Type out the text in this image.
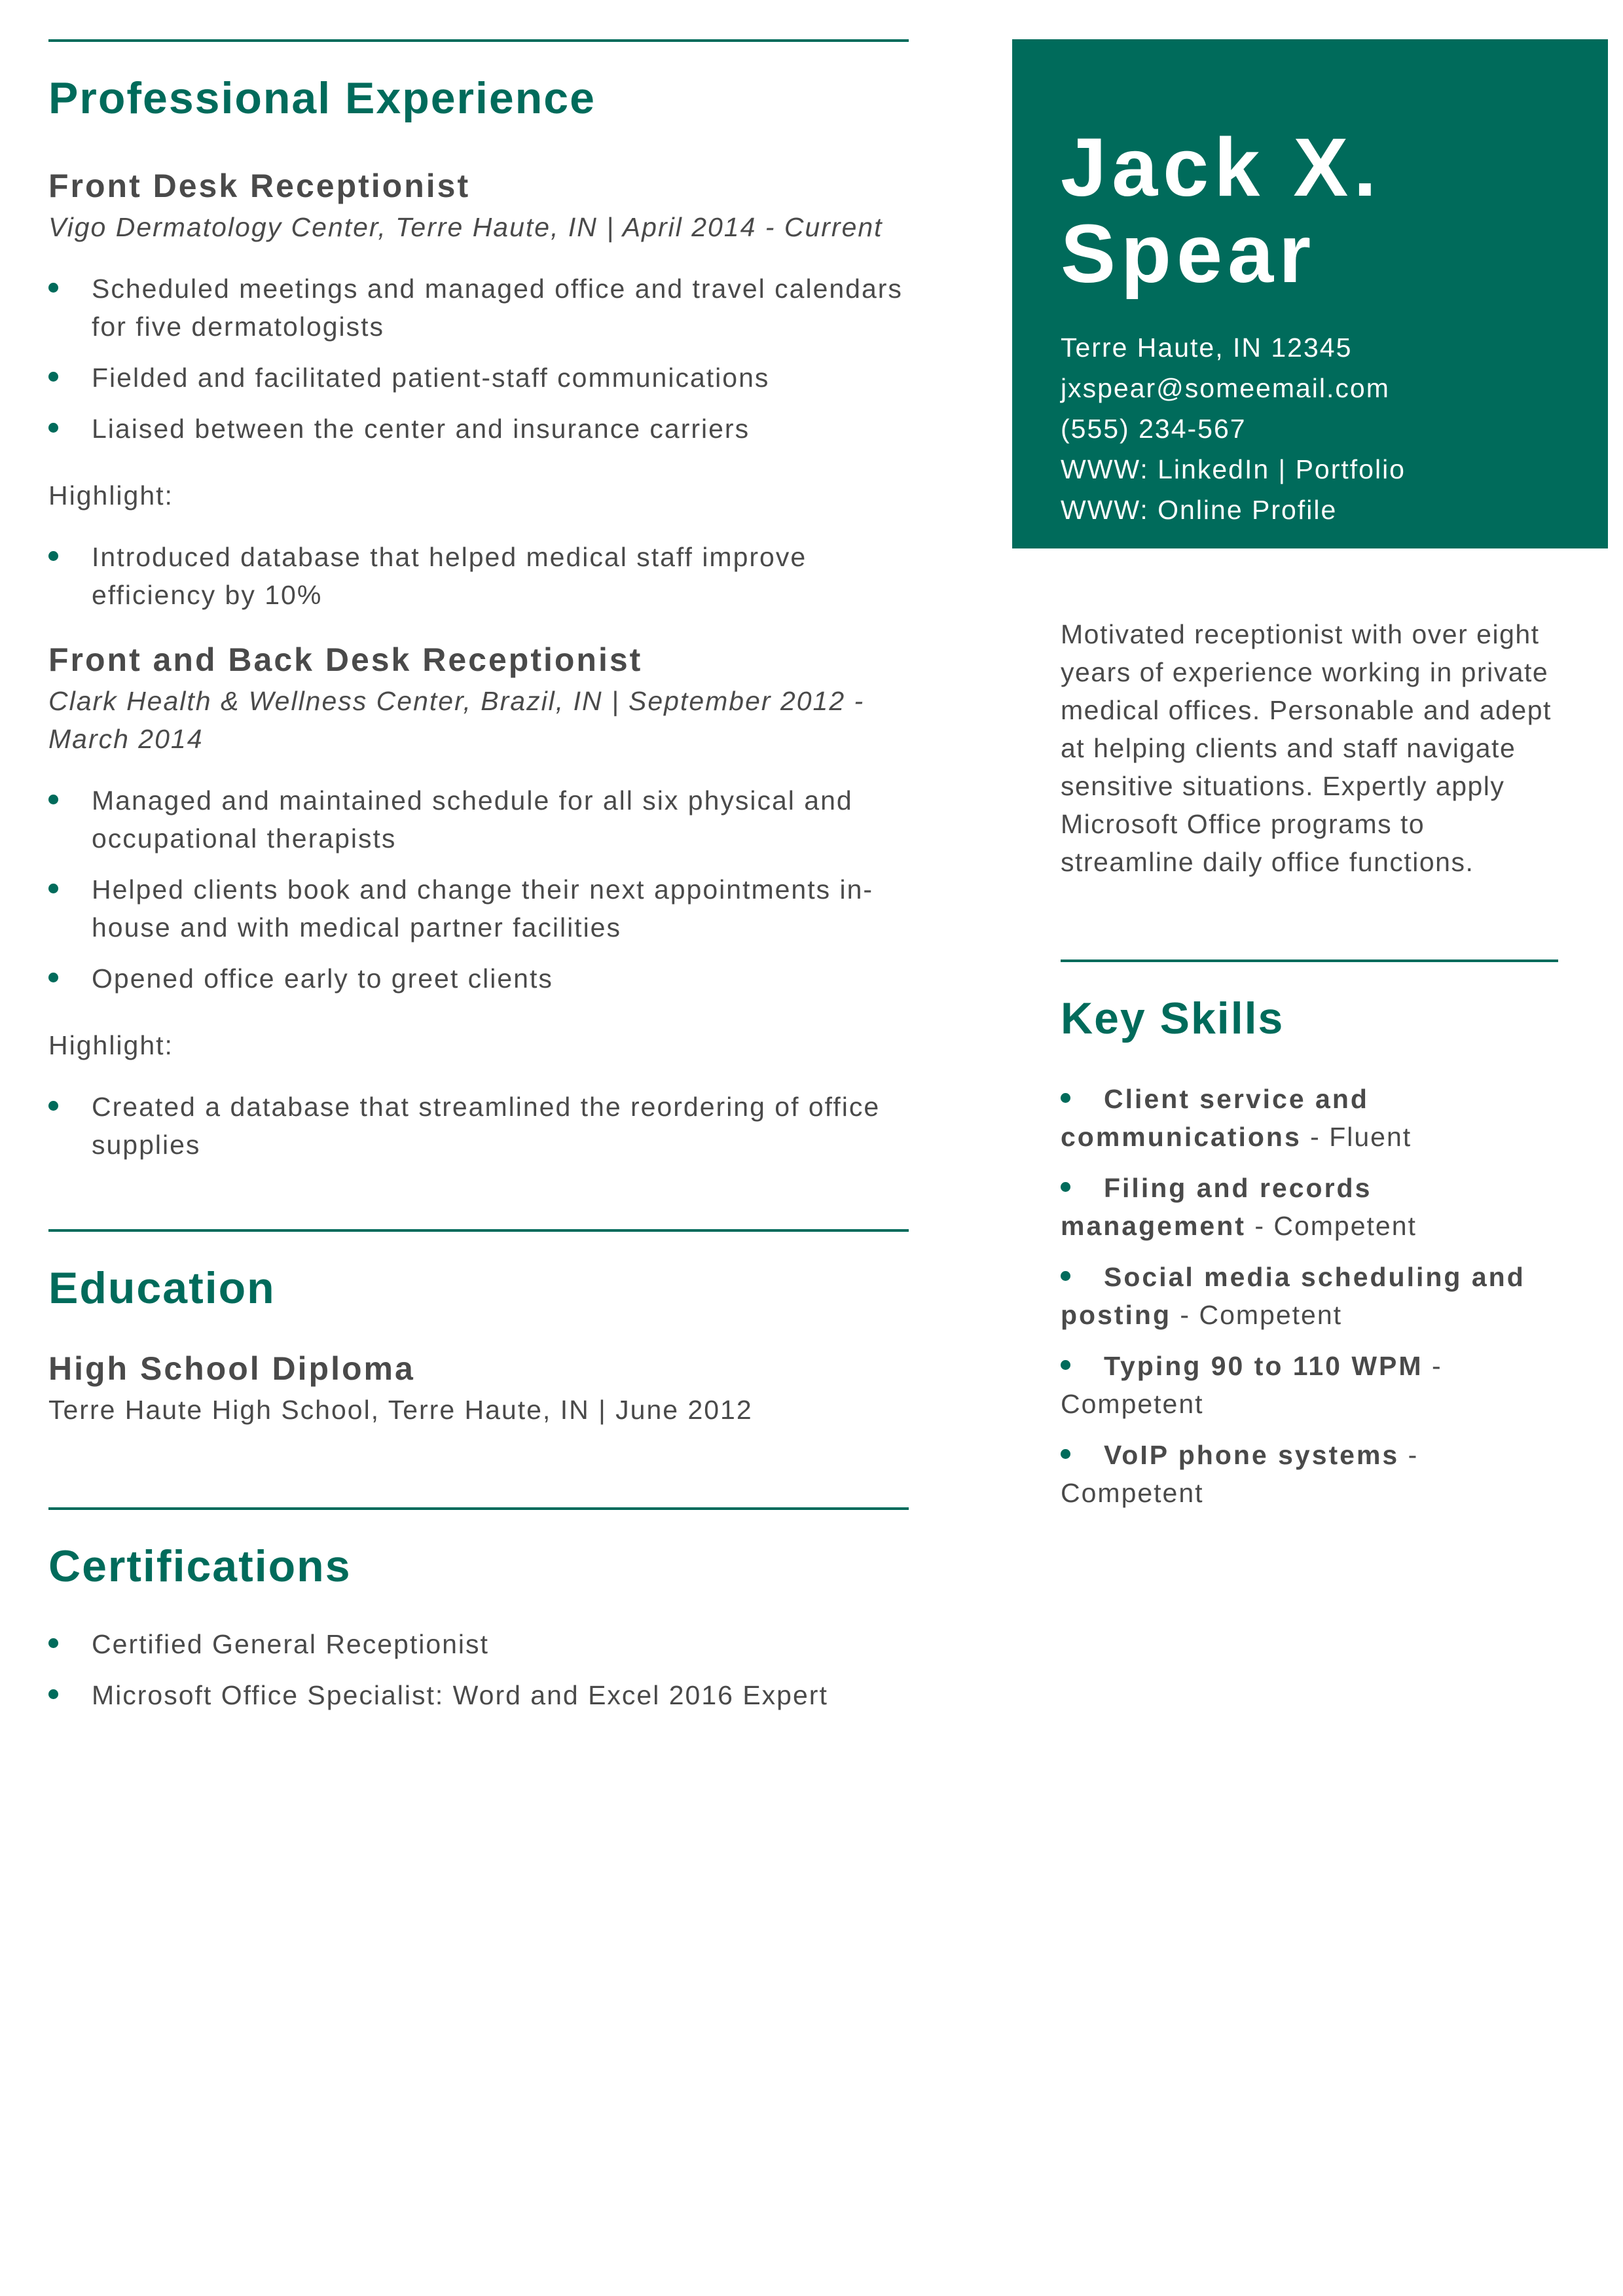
Professional Experience
Front Desk Receptionist
Vigo Dermatology Center, Terre Haute, IN | April 2014 - Current
Scheduled meetings and managed office and travel calendars for five dermatologists
Fielded and facilitated patient-staff communications
Liaised between the center and insurance carriers
Highlight:
Introduced database that helped medical staff improve efficiency by 10%
Front and Back Desk Receptionist
Clark Health & Wellness Center, Brazil, IN | September 2012 - March 2014
Managed and maintained schedule for all six physical and occupational therapists
Helped clients book and change their next appointments in-house and with medical partner facilities
Opened office early to greet clients
Highlight:
Created a database that streamlined the reordering of office supplies
Education
High School Diploma
Terre Haute High School, Terre Haute, IN | June 2012
Certifications
Certified General Receptionist
Microsoft Office Specialist: Word and Excel 2016 Expert
Jack X.
Spear
Terre Haute, IN 12345
jxspear@someemail.com
(555) 234-567
WWW: LinkedIn | Portfolio
WWW: Online Profile
Motivated receptionist with over eight years of experience working in private medical offices. Personable and adept at helping clients and staff navigate sensitive situations. Expertly apply Microsoft Office programs to streamline daily office functions.
Key Skills
Client service and communications - Fluent
Filing and records management - Competent
Social media scheduling and posting - Competent
Typing 90 to 110 WPM - Competent
VoIP phone systems - Competent
